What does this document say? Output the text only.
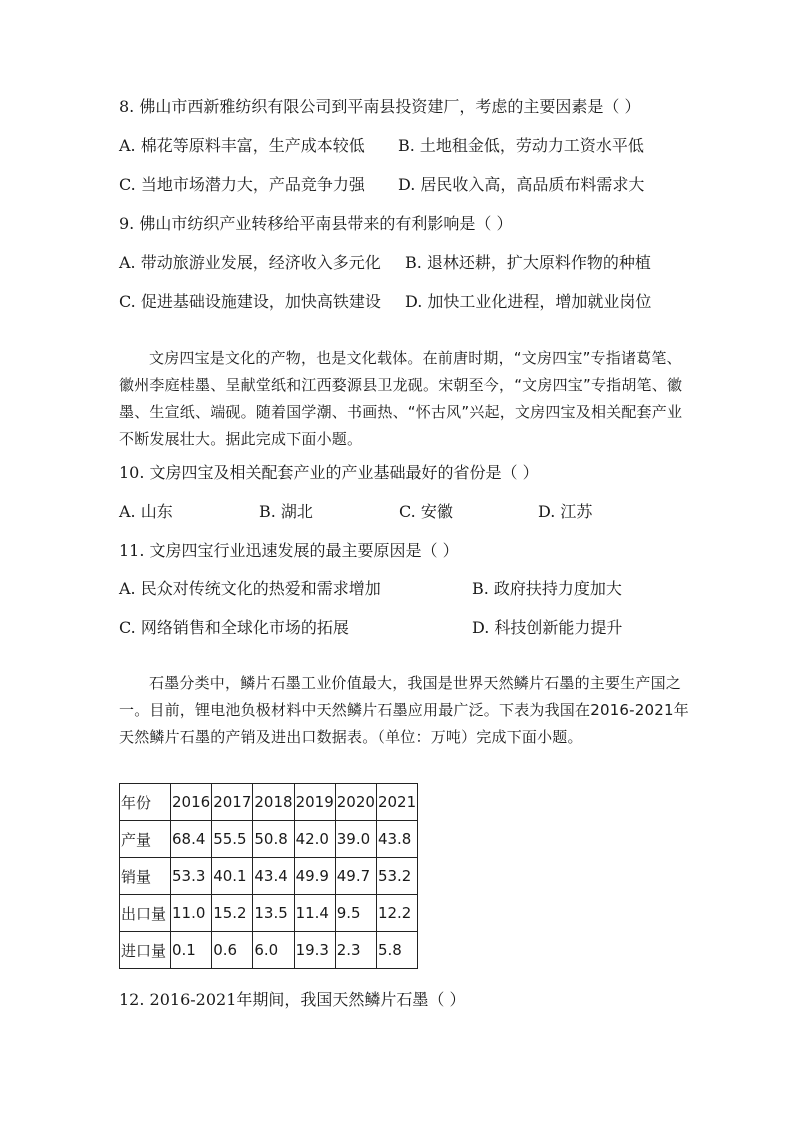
8. 佛山市西新雅纺织有限公司到平南县投资建厂，考虑的主要因素是（ ）
A. 棉花等原料丰富，生产成本较低 B. 土地租金低，劳动力工资水平低
C. 当地市场潜力大，产品竞争力强 D. 居民收入高，高品质布料需求大
9. 佛山市纺织产业转移给平南县带来的有利影响是（ ）
A. 带动旅游业发展，经济收入多元化 B. 退林还耕，扩大原料作物的种植
C. 促进基础设施建设，加快高铁建设 D. 加快工业化进程，增加就业岗位
文房四宝是文化的产物，也是文化载体。在前唐时期，“文房四宝”专指诸葛笔、徽州李庭桂墨、呈献堂纸和江西婺源县卫龙砚。宋朝至今，“文房四宝”专指胡笔、徽墨、生宣纸、端砚。随着国学潮、书画热、“怀古风”兴起，文房四宝及相关配套产业不断发展壮大。据此完成下面小题。
10. 文房四宝及相关配套产业的产业基础最好的省份是（ ）
A. 山东	B. 湖北	C. 安徽	D. 江苏
11. 文房四宝行业迅速发展的最主要原因是（ ）
A. 民众对传统文化的热爱和需求增加	B. 政府扶持力度加大
C. 网络销售和全球化市场的拓展	D. 科技创新能力提升
石墨分类中，鳞片石墨工业价值最大，我国是世界天然鳞片石墨的主要生产国之一。目前，锂电池负极材料中天然鳞片石墨应用最广泛。下表为我国在2016-2021年天然鳞片石墨的产销及进出口数据表。（单位：万吨）完成下面小题。
年份	2016	2017	2018	2019	2020	2021
产量	68.4	55.5	50.8	42.0	39.0	43.8
销量	53.3	40.1	43.4	49.9	49.7	53.2
出口量	11.0	15.2	13.5	11.4	9.5	12.2
进口量	0.1	0.6	6.0	19.3	2.3	5.8
12. 2016-2021年期间，我国天然鳞片石墨（ ）
